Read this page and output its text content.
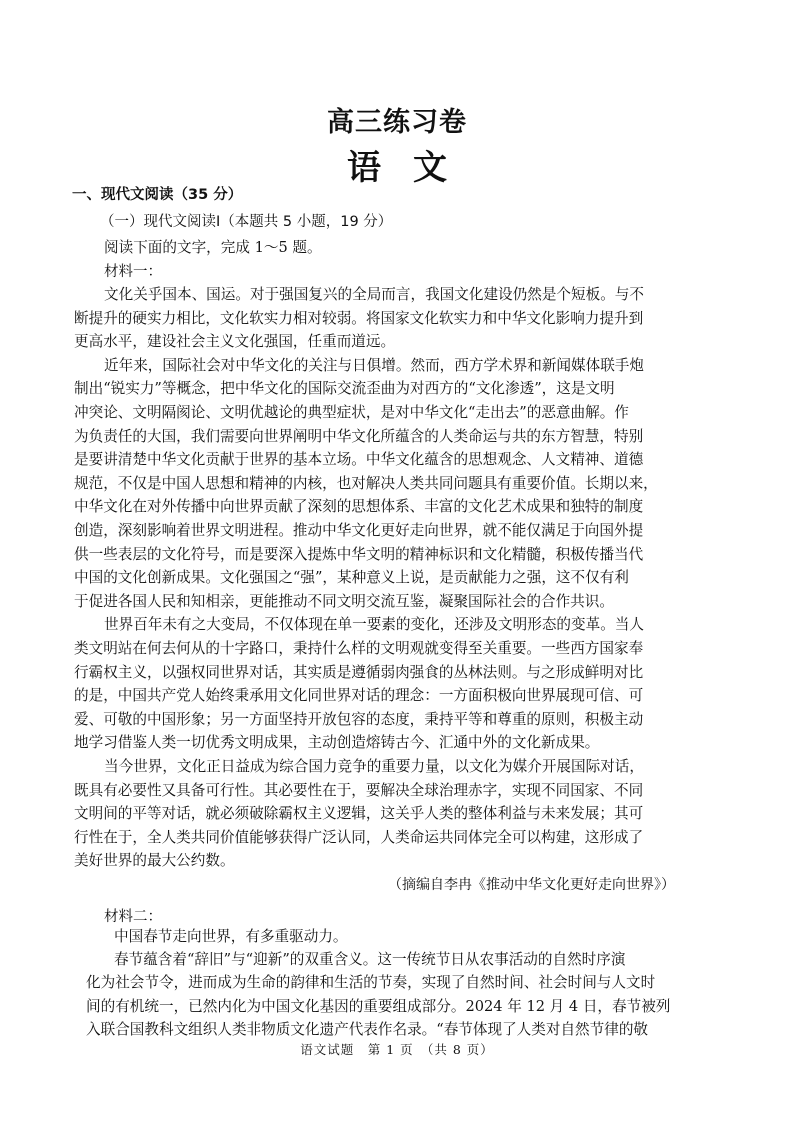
高三练习卷
语 文
一、现代文阅读（35 分）
（一）现代文阅读Ⅰ（本题共 5 小题，19 分）
阅读下面的文字，完成 1～5 题。
材料一：
文化关乎国本、国运。对于强国复兴的全局而言，我国文化建设仍然是个短板。与不
断提升的硬实力相比，文化软实力相对较弱。将国家文化软实力和中华文化影响力提升到
更高水平，建设社会主义文化强国，任重而道远。
近年来，国际社会对中华文化的关注与日俱增。然而，西方学术界和新闻媒体联手炮
制出“锐实力”等概念，把中华文化的国际交流歪曲为对西方的“文化渗透”，这是文明
冲突论、文明隔阂论、文明优越论的典型症状，是对中华文化“走出去”的恶意曲解。作
为负责任的大国，我们需要向世界阐明中华文化所蕴含的人类命运与共的东方智慧，特别
是要讲清楚中华文化贡献于世界的基本立场。中华文化蕴含的思想观念、人文精神、道德
规范，不仅是中国人思想和精神的内核，也对解决人类共同问题具有重要价值。长期以来，
中华文化在对外传播中向世界贡献了深刻的思想体系、丰富的文化艺术成果和独特的制度
创造，深刻影响着世界文明进程。推动中华文化更好走向世界，就不能仅满足于向国外提
供一些表层的文化符号，而是要深入提炼中华文明的精神标识和文化精髓，积极传播当代
中国的文化创新成果。文化强国之“强”，某种意义上说，是贡献能力之强，这不仅有利
于促进各国人民和知相亲，更能推动不同文明交流互鉴，凝聚国际社会的合作共识。
世界百年未有之大变局，不仅体现在单一要素的变化，还涉及文明形态的变革。当人
类文明站在何去何从的十字路口，秉持什么样的文明观就变得至关重要。一些西方国家奉
行霸权主义，以强权同世界对话，其实质是遵循弱肉强食的丛林法则。与之形成鲜明对比
的是，中国共产党人始终秉承用文化同世界对话的理念：一方面积极向世界展现可信、可
爱、可敬的中国形象；另一方面坚持开放包容的态度，秉持平等和尊重的原则，积极主动
地学习借鉴人类一切优秀文明成果，主动创造熔铸古今、汇通中外的文化新成果。
当今世界，文化正日益成为综合国力竞争的重要力量，以文化为媒介开展国际对话，
既具有必要性又具备可行性。其必要性在于，要解决全球治理赤字，实现不同国家、不同
文明间的平等对话，就必须破除霸权主义逻辑，这关乎人类的整体利益与未来发展；其可
行性在于，全人类共同价值能够获得广泛认同，人类命运共同体完全可以构建，这形成了
美好世界的最大公约数。
（摘编自李冉《推动中华文化更好走向世界》）
材料二：
中国春节走向世界，有多重驱动力。
春节蕴含着“辞旧”与“迎新”的双重含义。这一传统节日从农事活动的自然时序演
化为社会节令，进而成为生命的韵律和生活的节奏，实现了自然时间、社会时间与人文时
间的有机统一，已然内化为中国文化基因的重要组成部分。2024 年 12 月 4 日，春节被列
入联合国教科文组织人类非物质文化遗产代表作名录。“春节体现了人类对自然节律的敬
语文试题　第 1 页　（共 8 页）
